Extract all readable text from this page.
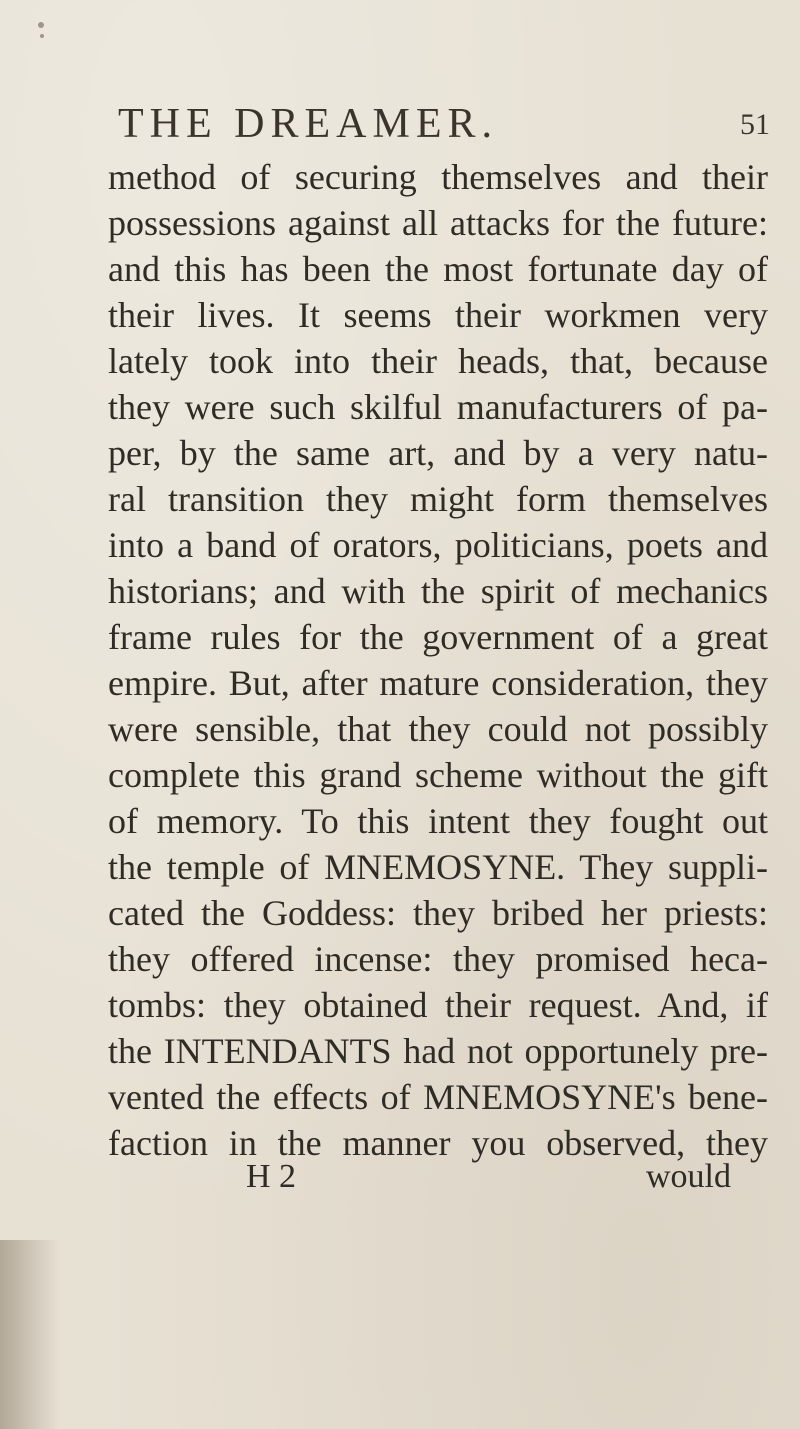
THE DREAMER.	51
method of securing themselves and their
possessions against all attacks for the future:
and this has been the most fortunate day of
their lives. It seems their workmen very
lately took into their heads, that, because
they were such skilful manufacturers of pa-
per, by the same art, and by a very natu-
ral transition they might form themselves
into a band of orators, politicians, poets and
historians; and with the spirit of mechanics
frame rules for the government of a great
empire. But, after mature consideration, they
were sensible, that they could not possibly
complete this grand scheme without the gift
of memory. To this intent they fought out
the temple of MNEMOSYNE. They suppli-
cated the Goddess: they bribed her priests:
they offered incense: they promised heca-
tombs: they obtained their request. And, if
the INTENDANTS had not opportunely pre-
vented the effects of MNEMOSYNE's bene-
faction in the manner you observed, they
H 2	would
